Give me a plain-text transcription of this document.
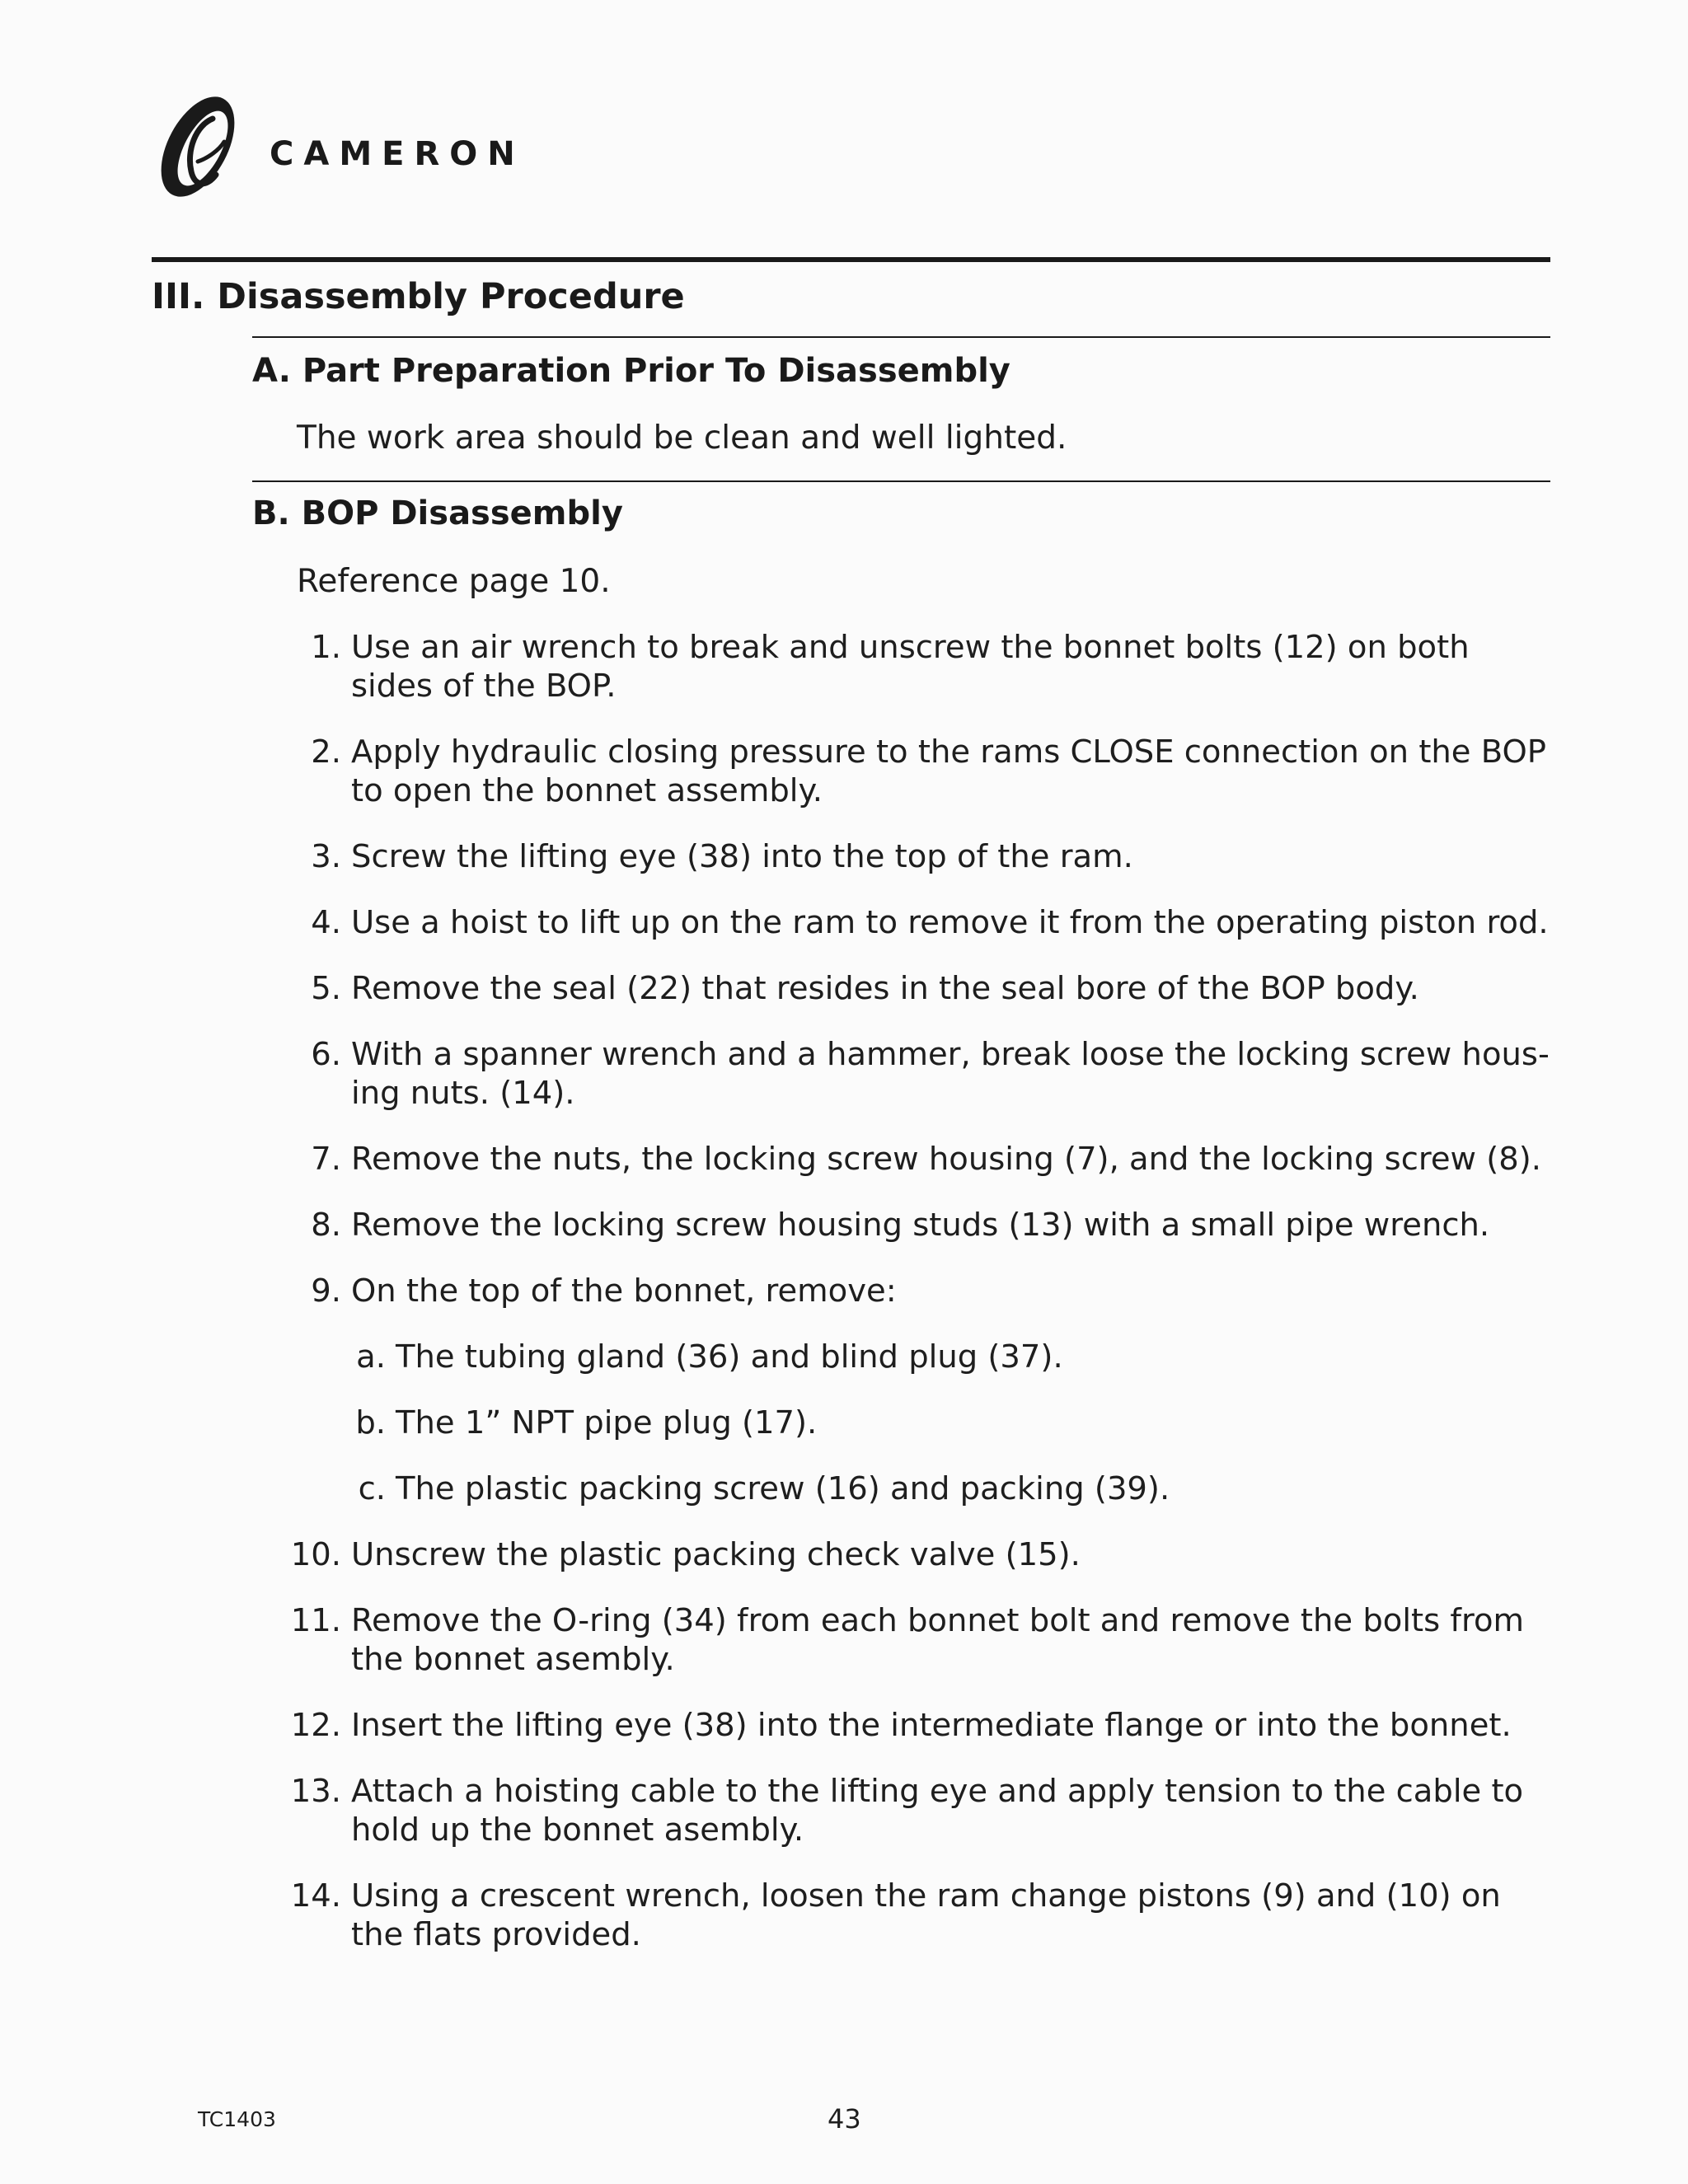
CAMERON
III. Disassembly Procedure
A. Part Preparation Prior To Disassembly
The work area should be clean and well lighted.
B. BOP Disassembly
Reference page 10.
1. Use an air wrench to break and unscrew the bonnet bolts (12) on both sides of the BOP.
2. Apply hydraulic closing pressure to the rams CLOSE connection on the BOP to open the bonnet assembly.
3. Screw the lifting eye (38) into the top of the ram.
4. Use a hoist to lift up on the ram to remove it from the operating piston rod.
5. Remove the seal (22) that resides in the seal bore of the BOP body.
6. With a spanner wrench and a hammer, break loose the locking screw hous-ing nuts. (14).
7. Remove the nuts, the locking screw housing (7), and the locking screw (8).
8. Remove the locking screw housing studs (13) with a small pipe wrench.
9. On the top of the bonnet, remove:
a. The tubing gland (36) and blind plug (37).
b. The 1” NPT pipe plug (17).
c. The plastic packing screw (16) and packing (39).
10. Unscrew the plastic packing check valve (15).
11. Remove the O-ring (34) from each bonnet bolt and remove the bolts from the bonnet asembly.
12. Insert the lifting eye (38) into the intermediate flange or into the bonnet.
13. Attach a hoisting cable to the lifting eye and apply tension to the cable to hold up the bonnet asembly.
14. Using a crescent wrench, loosen the ram change pistons (9) and (10) on the flats provided.
TC1403	43
